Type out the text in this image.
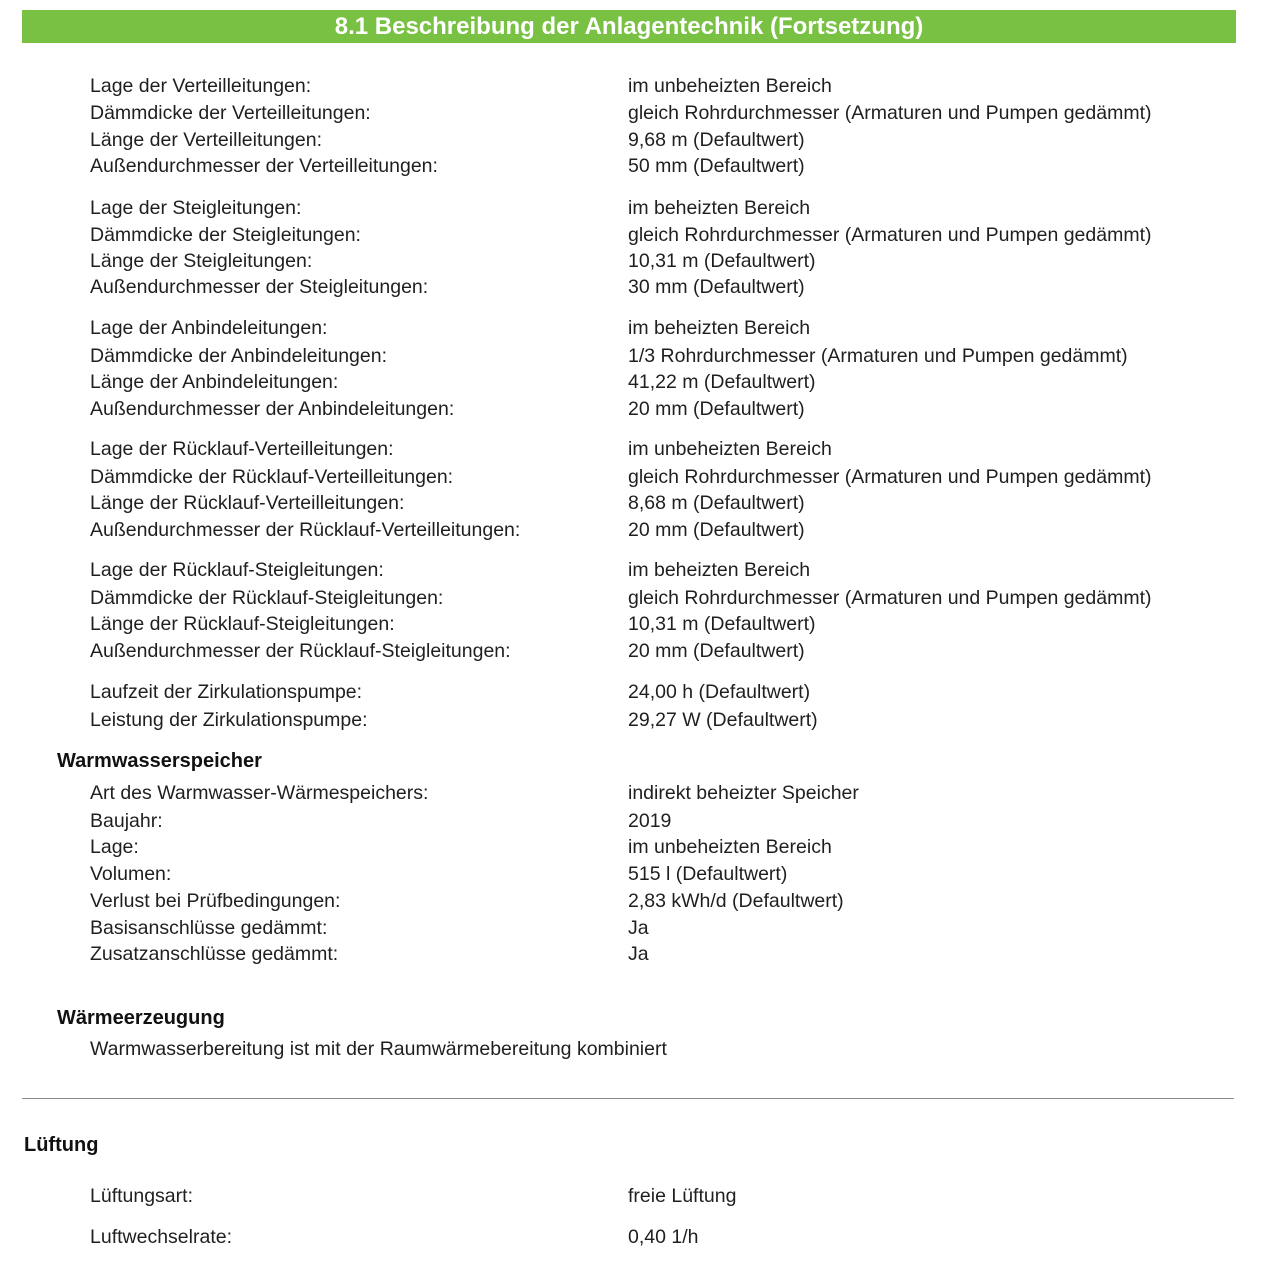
8.1 Beschreibung der Anlagentechnik (Fortsetzung)
Lage der Verteilleitungen:	im unbeheizten Bereich
Dämmdicke der Verteilleitungen:	gleich Rohrdurchmesser (Armaturen und Pumpen gedämmt)
Länge der Verteilleitungen:	9,68 m (Defaultwert)
Außendurchmesser der Verteilleitungen:	50 mm (Defaultwert)
Lage der Steigleitungen:	im beheizten Bereich
Dämmdicke der Steigleitungen:	gleich Rohrdurchmesser (Armaturen und Pumpen gedämmt)
Länge der Steigleitungen:	10,31 m (Defaultwert)
Außendurchmesser der Steigleitungen:	30 mm (Defaultwert)
Lage der Anbindeleitungen:	im beheizten Bereich
Dämmdicke der Anbindeleitungen:	1/3 Rohrdurchmesser (Armaturen und Pumpen gedämmt)
Länge der Anbindeleitungen:	41,22 m (Defaultwert)
Außendurchmesser der Anbindeleitungen:	20 mm (Defaultwert)
Lage der Rücklauf-Verteilleitungen:	im unbeheizten Bereich
Dämmdicke der Rücklauf-Verteilleitungen:	gleich Rohrdurchmesser (Armaturen und Pumpen gedämmt)
Länge der Rücklauf-Verteilleitungen:	8,68 m (Defaultwert)
Außendurchmesser der Rücklauf-Verteilleitungen:	20 mm (Defaultwert)
Lage der Rücklauf-Steigleitungen:	im beheizten Bereich
Dämmdicke der Rücklauf-Steigleitungen:	gleich Rohrdurchmesser (Armaturen und Pumpen gedämmt)
Länge der Rücklauf-Steigleitungen:	10,31 m (Defaultwert)
Außendurchmesser der Rücklauf-Steigleitungen:	20 mm (Defaultwert)
Laufzeit der Zirkulationspumpe:	24,00 h (Defaultwert)
Leistung der Zirkulationspumpe:	29,27 W (Defaultwert)
Warmwasserspeicher
Art des Warmwasser-Wärmespeichers:	indirekt beheizter Speicher
Baujahr:	2019
Lage:	im unbeheizten Bereich
Volumen:	515 l (Defaultwert)
Verlust bei Prüfbedingungen:	2,83 kWh/d (Defaultwert)
Basisanschlüsse gedämmt:	Ja
Zusatzanschlüsse gedämmt:	Ja
Wärmeerzeugung
Warmwasserbereitung ist mit der Raumwärmebereitung kombiniert
Lüftung
Lüftungsart:	freie Lüftung
Luftwechselrate:	0,40 1/h
